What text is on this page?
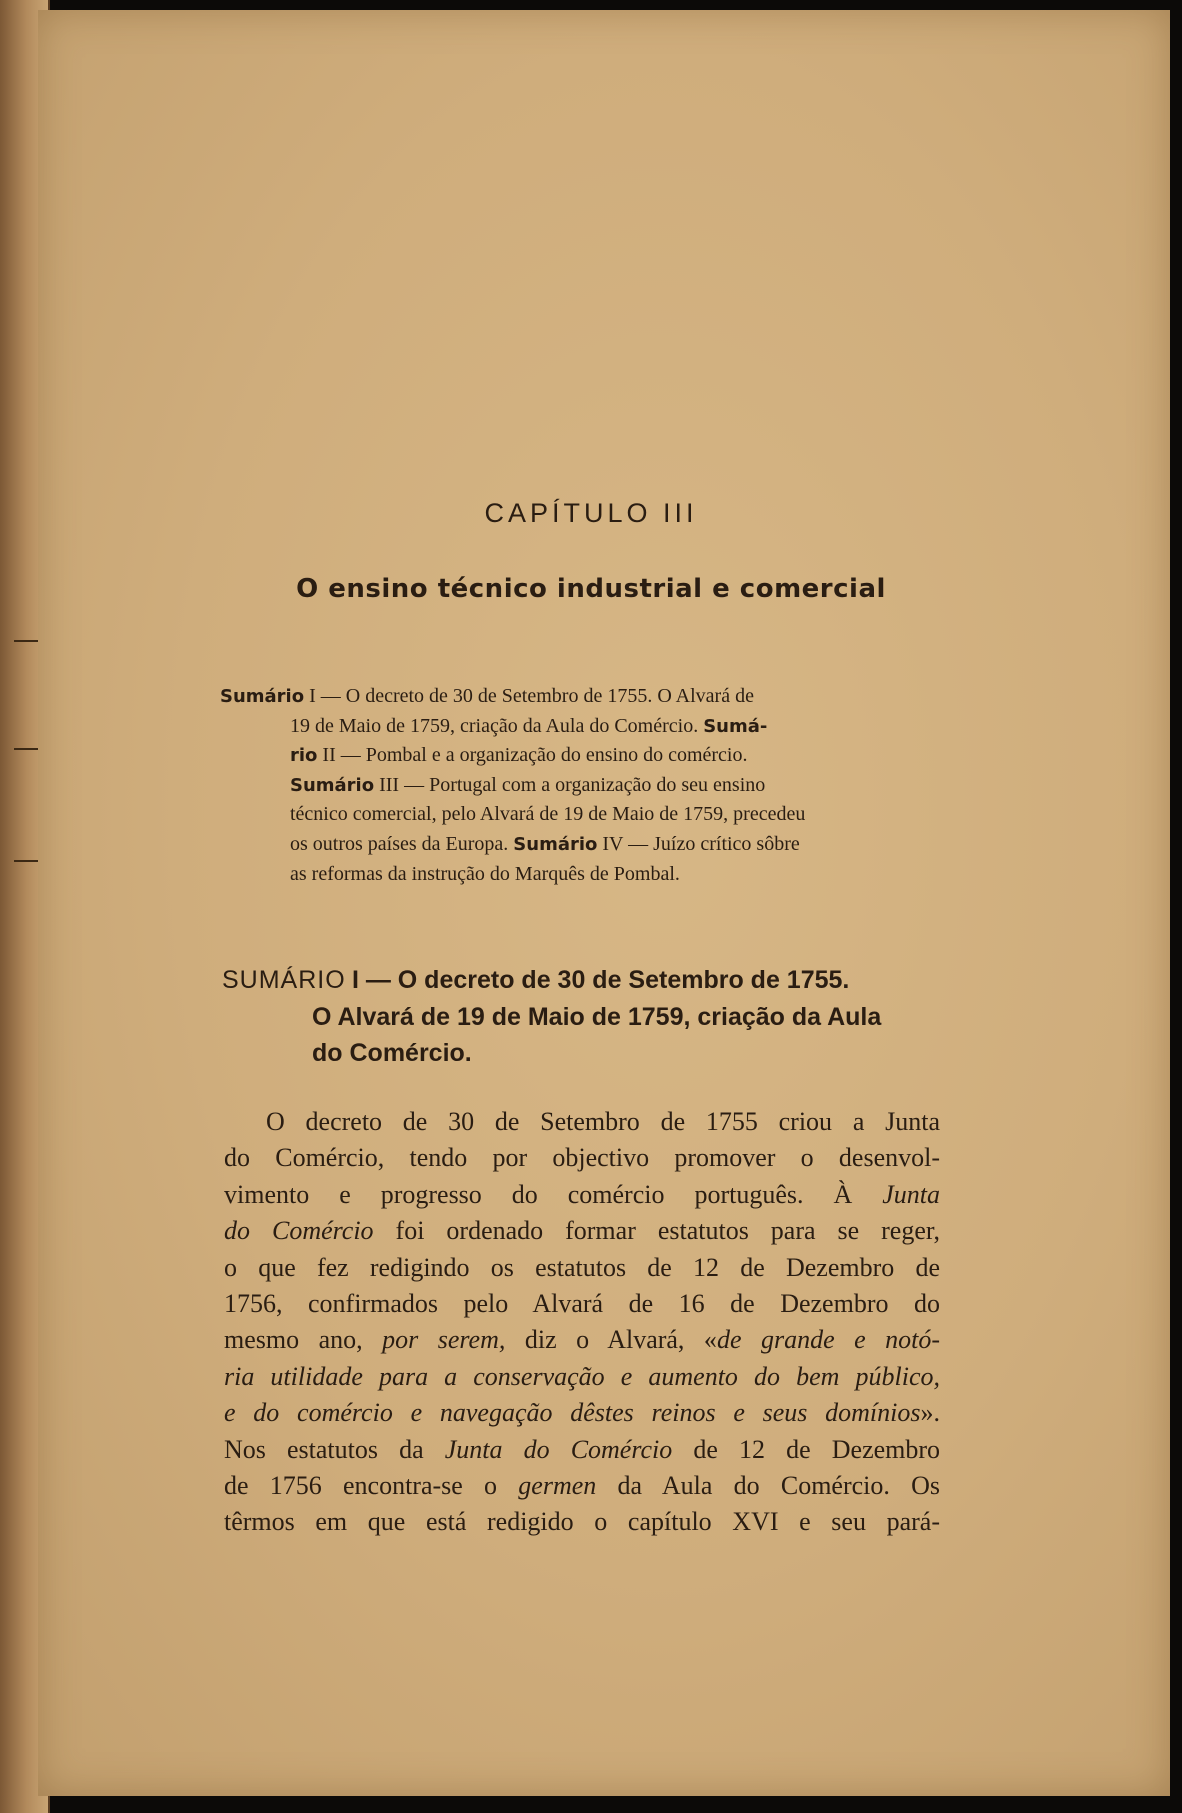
CAPÍTULO III
O ensino técnico industrial e comercial
Sumário I — O decreto de 30 de Setembro de 1755. O Alvará de
19 de Maio de 1759, criação da Aula do Comércio. Sumá-
rio II — Pombal e a organização do ensino do comércio.
Sumário III — Portugal com a organização do seu ensino
técnico comercial, pelo Alvará de 19 de Maio de 1759, precedeu
os outros países da Europa. Sumário IV — Juízo crítico sôbre
as reformas da instrução do Marquês de Pombal.
SUMÁRIO I — O decreto de 30 de Setembro de 1755.
O Alvará de 19 de Maio de 1759, criação da Aula
do Comércio.
O decreto de 30 de Setembro de 1755 criou a Junta
do Comércio, tendo por objectivo promover o desenvol-
vimento e progresso do comércio português. À Junta
do Comércio foi ordenado formar estatutos para se reger,
o que fez redigindo os estatutos de 12 de Dezembro de
1756, confirmados pelo Alvará de 16 de Dezembro do
mesmo ano, por serem, diz o Alvará, «de grande e notó-
ria utilidade para a conservação e aumento do bem público,
e do comércio e navegação dêstes reinos e seus domínios».
Nos estatutos da Junta do Comércio de 12 de Dezembro
de 1756 encontra-se o germen da Aula do Comércio. Os
têrmos em que está redigido o capítulo XVI e seu pará-
